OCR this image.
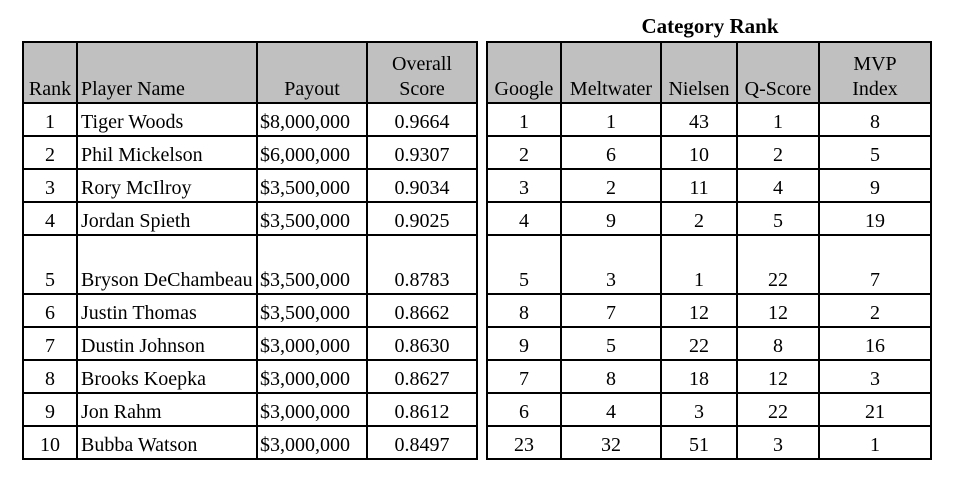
Category Rank
Rank	Player Name	Payout	Overall Score
1	Tiger Woods	$8,000,000	0.9664
2	Phil Mickelson	$6,000,000	0.9307
3	Rory McIlroy	$3,500,000	0.9034
4	Jordan Spieth	$3,500,000	0.9025
5	Bryson DeChambeau	$3,500,000	0.8783
6	Justin Thomas	$3,500,000	0.8662
7	Dustin Johnson	$3,000,000	0.8630
8	Brooks Koepka	$3,000,000	0.8627
9	Jon Rahm	$3,000,000	0.8612
10	Bubba Watson	$3,000,000	0.8497
Google	Meltwater	Nielsen	Q-Score	MVP Index
1	1	43	1	8
2	6	10	2	5
3	2	11	4	9
4	9	2	5	19
5	3	1	22	7
8	7	12	12	2
9	5	22	8	16
7	8	18	12	3
6	4	3	22	21
23	32	51	3	1
